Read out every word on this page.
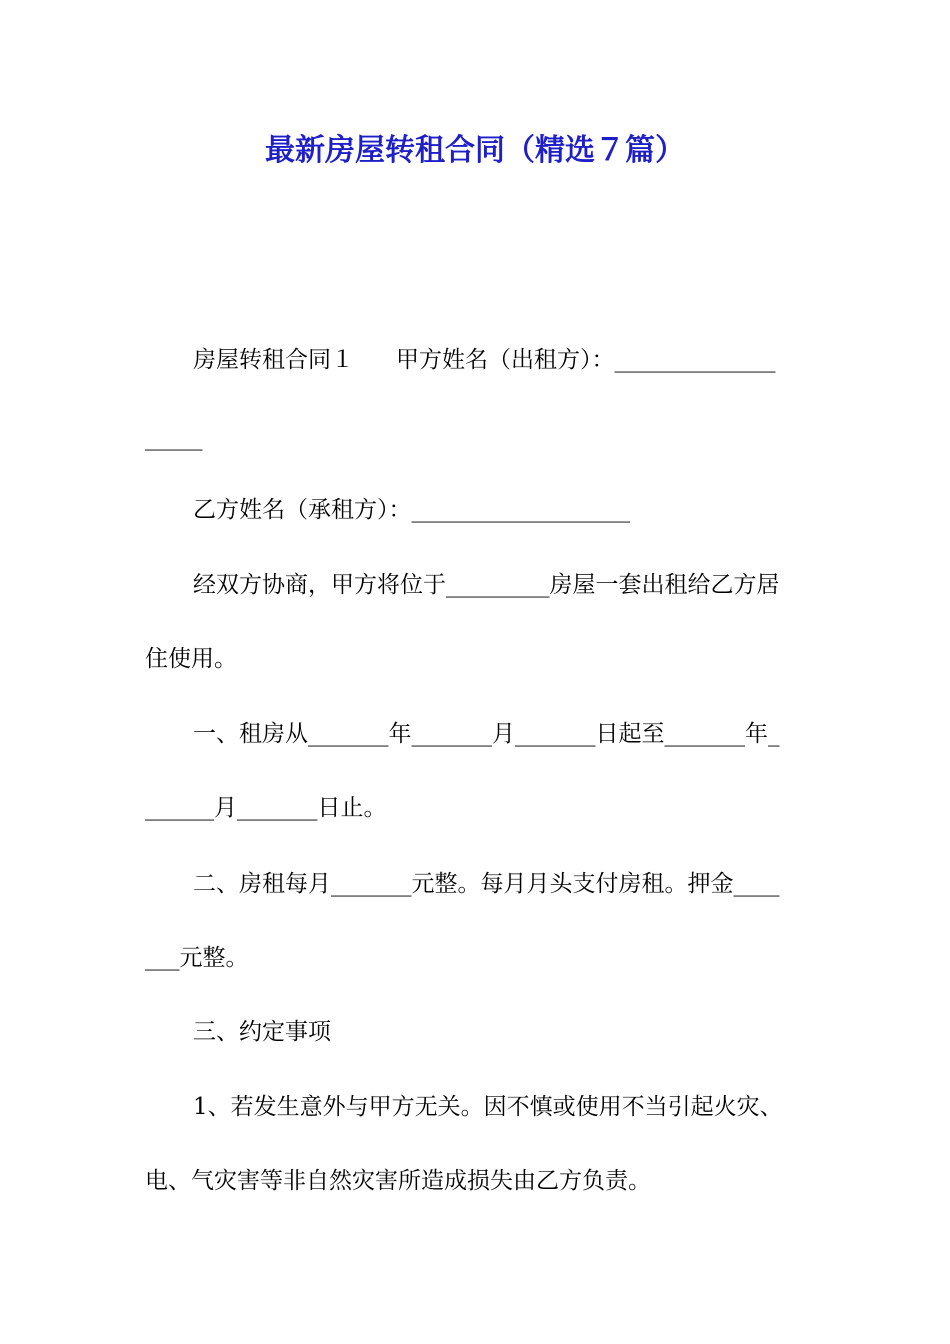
最新房屋转租合同（精选７篇）
房屋转租合同１ 甲方姓名（出租方）：______________
_____
乙方姓名（承租方）：___________________
经双方协商，甲方将位于_________房屋一套出租给乙方居
住使用。
一、租房从_______年_______月_______日起至_______年_
______月_______日止。
二、房租每月_______元整。每月月头支付房租。押金____
___元整。
三、约定事项
1、若发生意外与甲方无关。因不慎或使用不当引起火灾、
电、气灾害等非自然灾害所造成损失由乙方负责。
